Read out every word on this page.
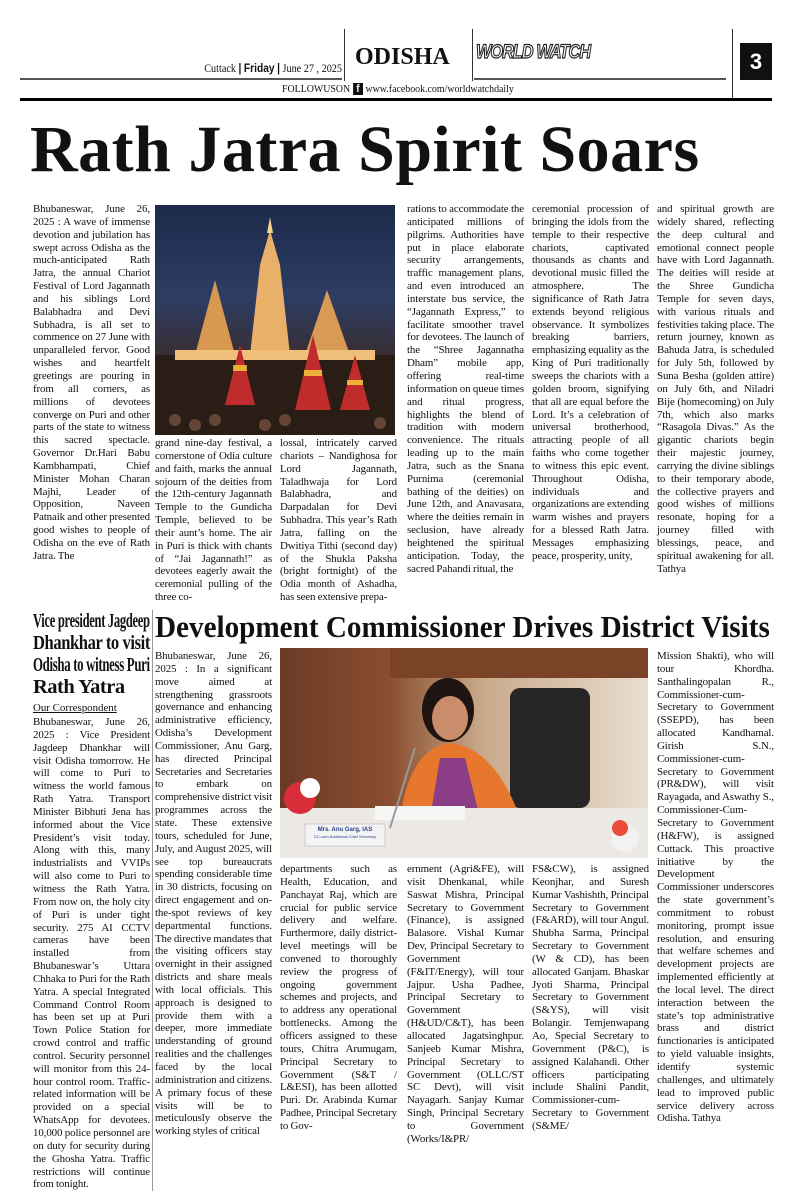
Cuttack | Friday | June 27 , 2025 ODISHA WORLD WATCH	3
FOLLOWUSON f www.facebook.com/worldwatchdaily
Rath Jatra Spirit Soars
Bhubaneswar, June 26, 2025 : A wave of immense devotion and jubilation has swept across Odisha as the much-anticipated Rath Jatra, the annual Chariot Festival of Lord Jagannath and his siblings Lord Balabhadra and Devi Subhadra, is all set to commence on 27 June with unparalleled fervor. Good wishes and heartfelt greetings are pouring in from all corners, as millions of devotees converge on Puri and other parts of the state to witness this sacred spectacle. Governor Dr.Hari Babu Kambhampati, Chief Minister Mohan Charan Majhi, Leader of Opposition, Naveen Patnaik and other presented good wishes to people of Odisha on the eve of Rath Jatra. The
grand nine-day festival, a cornerstone of Odia culture and faith, marks the annual sojourn of the deities from the 12th-century Jagannath Temple to the Gundicha Temple, believed to be their aunt’s home. The air in Puri is thick with chants of “Jai Jagannath!” as devotees eagerly await the ceremonial pulling of the three co-
lossal, intricately carved chariots – Nandighosa for Lord Jagannath, Taladhwaja for Lord Balabhadra, and Darpadalan for Devi Subhadra. This year’s Rath Jatra, falling on the Dwitiya Tithi (second day) of the Shukla Paksha (bright fortnight) of the Odia month of Ashadha, has seen extensive prepa-
rations to accommodate the anticipated millions of pilgrims. Authorities have put in place elaborate security arrangements, traffic management plans, and even introduced an interstate bus service, the “Jagannath Express,” to facilitate smoother travel for devotees. The launch of the “Shree Jagannatha Dham” mobile app, offering real-time information on queue times and ritual progress, highlights the blend of tradition with modern convenience. The rituals leading up to the main Jatra, such as the Snana Purnima (ceremonial bathing of the deities) on June 12th, and Anavasara, where the deities remain in seclusion, have already heightened the spiritual anticipation. Today, the sacred Pahandi ritual, the
ceremonial procession of bringing the idols from the temple to their respective chariots, captivated thousands as chants and devotional music filled the atmosphere. The significance of Rath Jatra extends beyond religious observance. It symbolizes breaking barriers, emphasizing equality as the King of Puri traditionally sweeps the chariots with a golden broom, signifying that all are equal before the Lord. It’s a celebration of universal brotherhood, attracting people of all faiths who come together to witness this epic event. Throughout Odisha, individuals and organizations are extending warm wishes and prayers for a blessed Rath Jatra. Messages emphasizing peace, prosperity, unity,
and spiritual growth are widely shared, reflecting the deep cultural and emotional connect people have with Lord Jagannath. The deities will reside at the Shree Gundicha Temple for seven days, with various rituals and festivities taking place. The return journey, known as Bahuda Jatra, is scheduled for July 5th, followed by Suna Besha (golden attire) on July 6th, and Niladri Bije (homecoming) on July 7th, which also marks “Rasagola Divas.” As the gigantic chariots begin their majestic journey, carrying the divine siblings to their temporary abode, the collective prayers and good wishes of millions resonate, hoping for a journey filled with blessings, peace, and spiritual awakening for all. Tathya
Vice president Jagdeep
Dhankhar to visit
Odisha to witness Puri
Rath Yatra
Our Correspondent
Bhubaneswar, June 26, 2025 : Vice President Jagdeep Dhankhar will visit Odisha tomorrow. He will come to Puri to witness the world famous Rath Yatra. Transport Minister Bibhuti Jena has informed about the Vice President’s visit today. Along with this, many industrialists and VVIPs will also come to Puri to witness the Rath Yatra. From now on, the holy city of Puri is under tight security. 275 AI CCTV cameras have been installed from Bhubaneswar’s Uttara Chhaka to Puri for the Rath Yatra. A special Integrated Command Control Room has been set up at Puri Town Police Station for crowd control and traffic control. Security personnel will monitor from this 24-hour control room. Traffic-related information will be provided on a special WhatsApp for devotees. 10,000 police personnel are on duty for security during the Ghosha Yatra. Traffic restrictions will continue from tonight.
Development Commissioner Drives District Visits
Bhubaneswar, June 26, 2025 : In a significant move aimed at strengthening grassroots governance and enhancing administrative efficiency, Odisha’s Development Commissioner, Anu Garg, has directed Principal Secretaries and Secretaries to embark on comprehensive district visit programmes across the state. These extensive tours, scheduled for June, July, and August 2025, will see top bureaucrats spending considerable time in 30 districts, focusing on direct engagement and on-the-spot reviews of key departmental functions. The directive mandates that the visiting officers stay overnight in their assigned districts and share meals with local officials. This approach is designed to provide them with a deeper, more immediate understanding of ground realities and the challenges faced by the local administration and citizens. A primary focus of these visits will be to meticulously observe the working styles of critical
Mrs. Anu Garg, IAS
DC-cum-Additional Chief Secretary
departments such as Health, Education, and Panchayat Raj, which are crucial for public service delivery and welfare. Furthermore, daily district-level meetings will be convened to thoroughly review the progress of ongoing government schemes and projects, and to address any operational bottlenecks. Among the officers assigned to these tours, Chitra Arumugam, Principal Secretary to Government (S&T / L&ESI), has been allotted Puri. Dr. Arabinda Kumar Padhee, Principal Secretary to Gov-
ernment (Agri&FE), will visit Dhenkanal, while Saswat Mishra, Principal Secretary to Government (Finance), is assigned Balasore. Vishal Kumar Dev, Principal Secretary to Government (F&IT/Energy), will tour Jajpur. Usha Padhee, Principal Secretary to Government (H&UD/C&T), has been allocated Jagatsinghpur. Sanjeeb Kumar Mishra, Principal Secretary to Government (OLLC/ST SC Devt), will visit Nayagarh. Sanjay Kumar Singh, Principal Secretary to Government (Works/I&PR/
FS&CW), is assigned Keonjhar, and Suresh Kumar Vashishth, Principal Secretary to Government (F&ARD), will tour Angul. Shubha Sarma, Principal Secretary to Government (W & CD), has been allocated Ganjam. Bhaskar Jyoti Sharma, Principal Secretary to Government (S&YS), will visit Bolangir. Temjenwapang Ao, Special Secretary to Government (P&C), is assigned Kalahandi. Other officers participating include Shalini Pandit, Commissioner-cum-Secretary to Government (S&ME/
Mission Shakti), who will tour Khordha. Santhalingopalan R., Commissioner-cum-Secretary to Government (SSEPD), has been allocated Kandhamal. Girish S.N., Commissioner-cum-Secretary to Government (PR&DW), will visit Rayagada, and Aswathy S., Commissioner-Cum-Secretary to Government (H&FW), is assigned Cuttack. This proactive initiative by the Development Commissioner underscores the state government’s commitment to robust monitoring, prompt issue resolution, and ensuring that welfare schemes and development projects are implemented efficiently at the local level. The direct interaction between the state’s top administrative brass and district functionaries is anticipated to yield valuable insights, identify systemic challenges, and ultimately lead to improved public service delivery across Odisha. Tathya
